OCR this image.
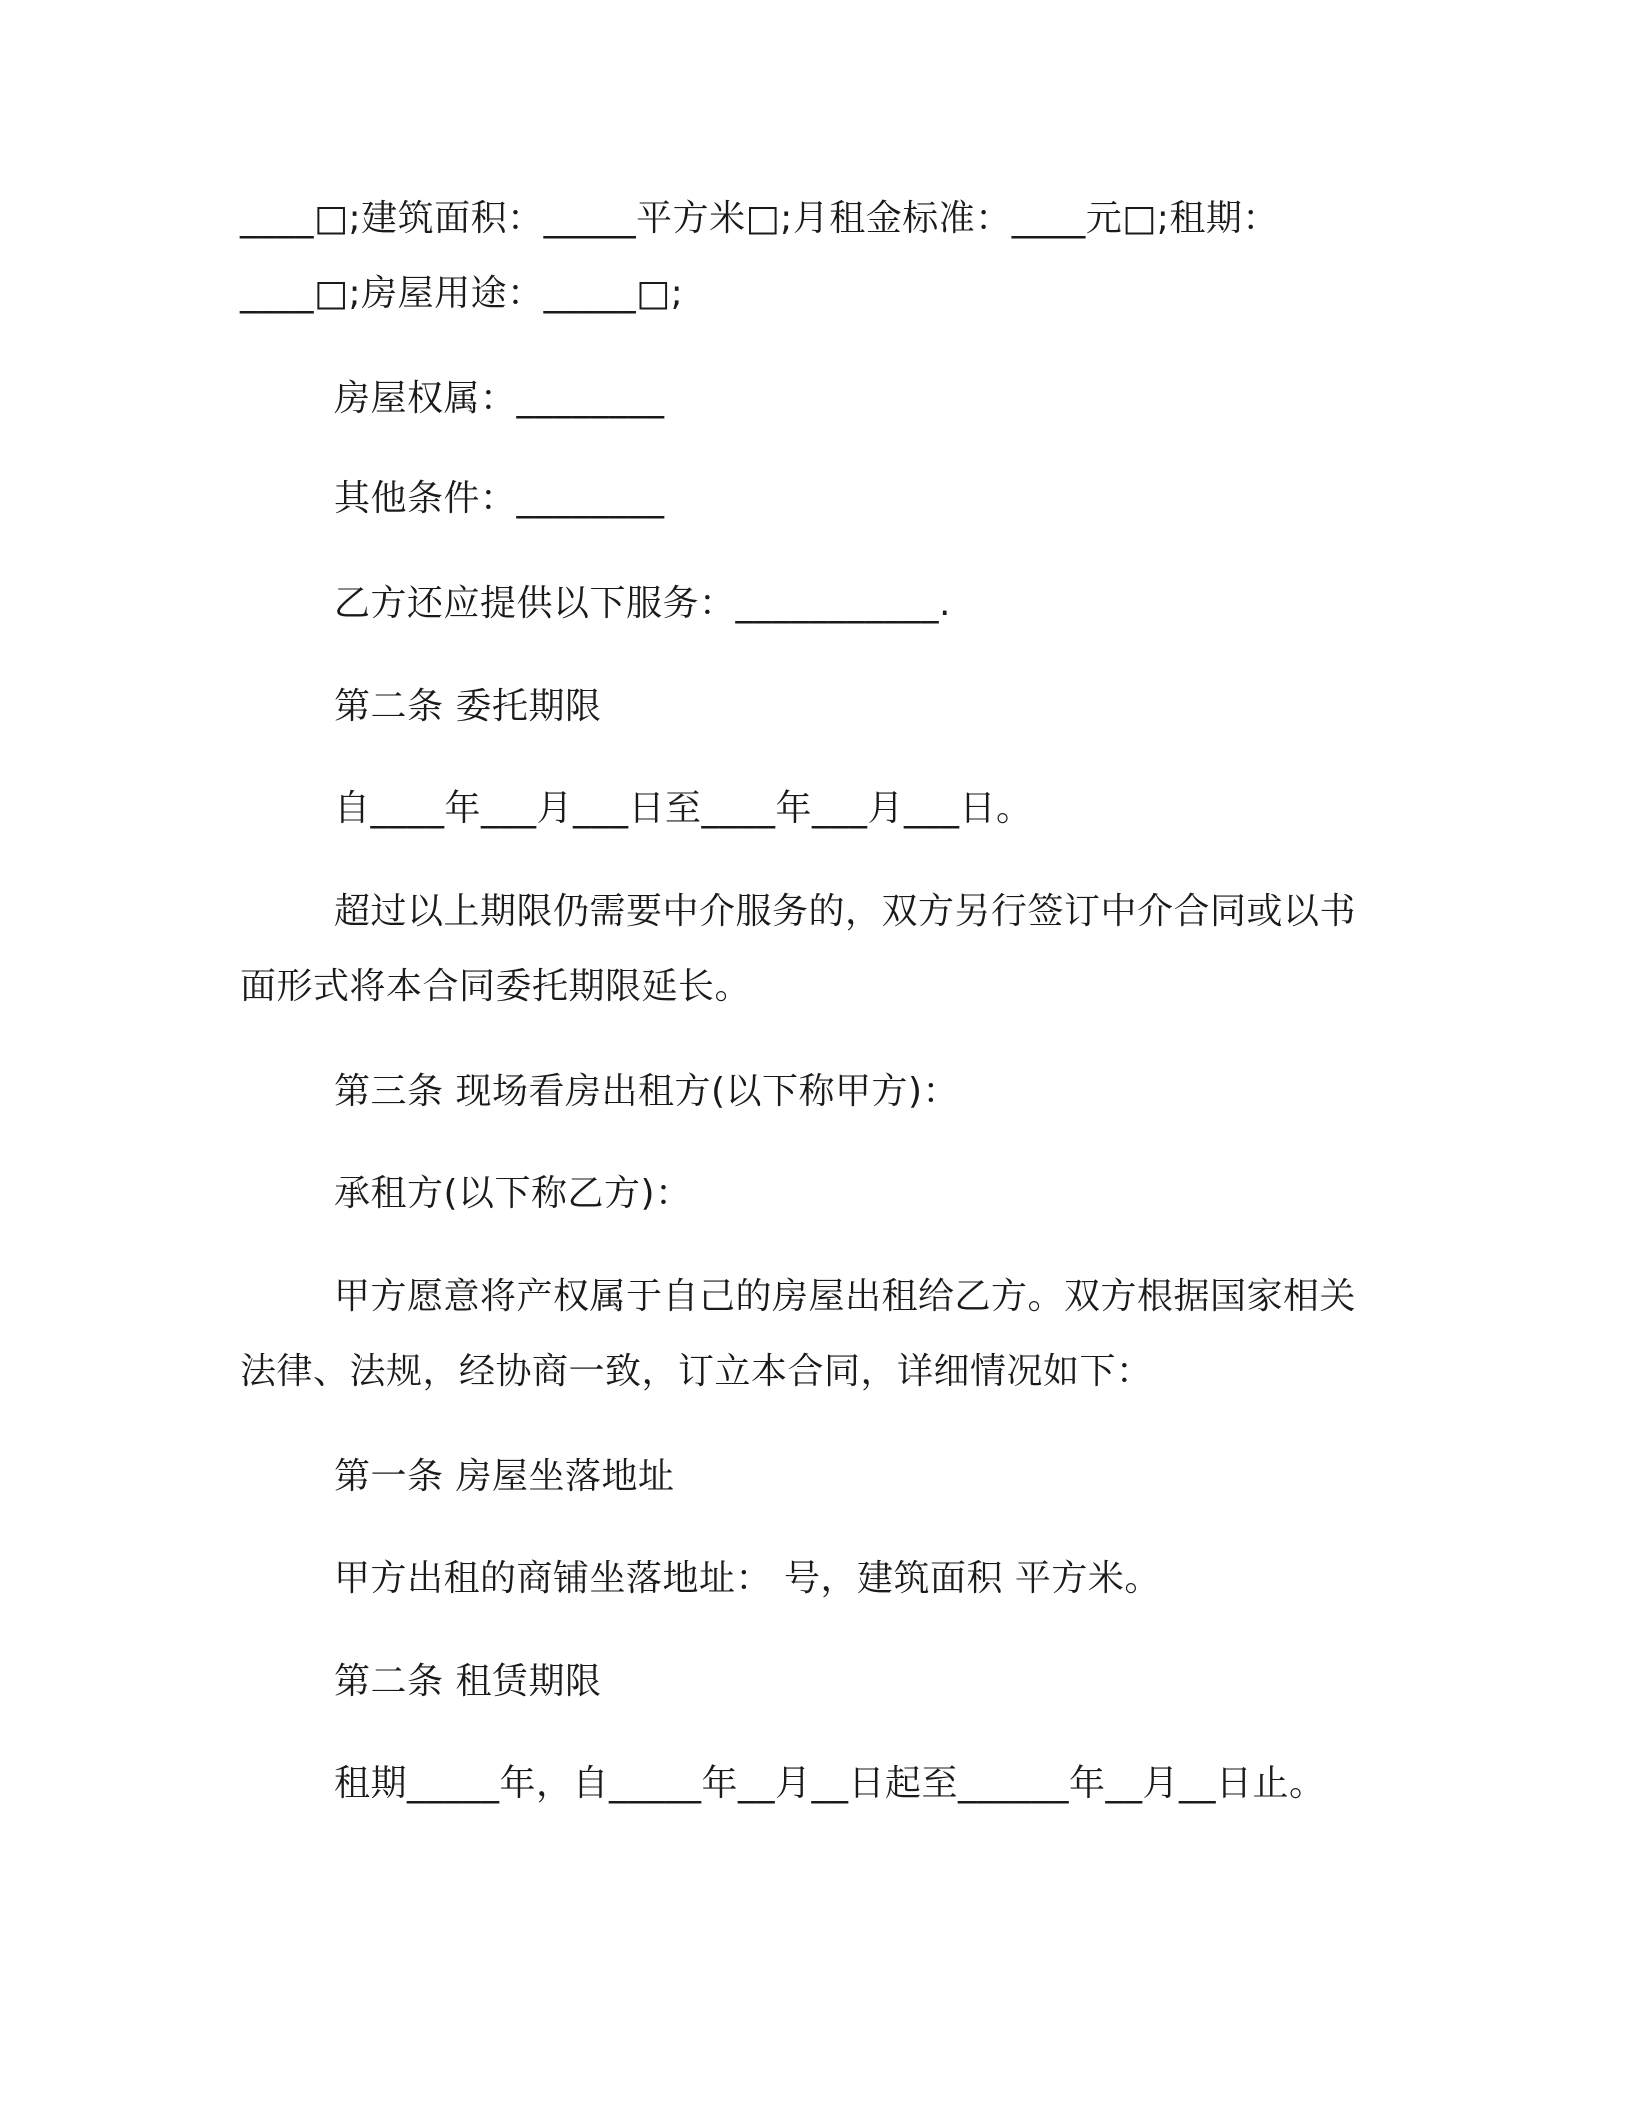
____□;建筑面积：_____平方米□;月租金标准：____元□;租期：
____□;房屋用途：_____□;
房屋权属：________
其他条件：________
乙方还应提供以下服务：___________.
第二条 委托期限
自____年___月___日至____年___月___日。
超过以上期限仍需要中介服务的，双方另行签订中介合同或以书
面形式将本合同委托期限延长。
第三条 现场看房出租方(以下称甲方)：
承租方(以下称乙方)：
甲方愿意将产权属于自己的房屋出租给乙方。双方根据国家相关
法律、法规，经协商一致，订立本合同，详细情况如下：
第一条 房屋坐落地址
甲方出租的商铺坐落地址： 号，建筑面积 平方米。
第二条 租赁期限
租期_____年，自_____年__月__日起至______年__月__日止。
